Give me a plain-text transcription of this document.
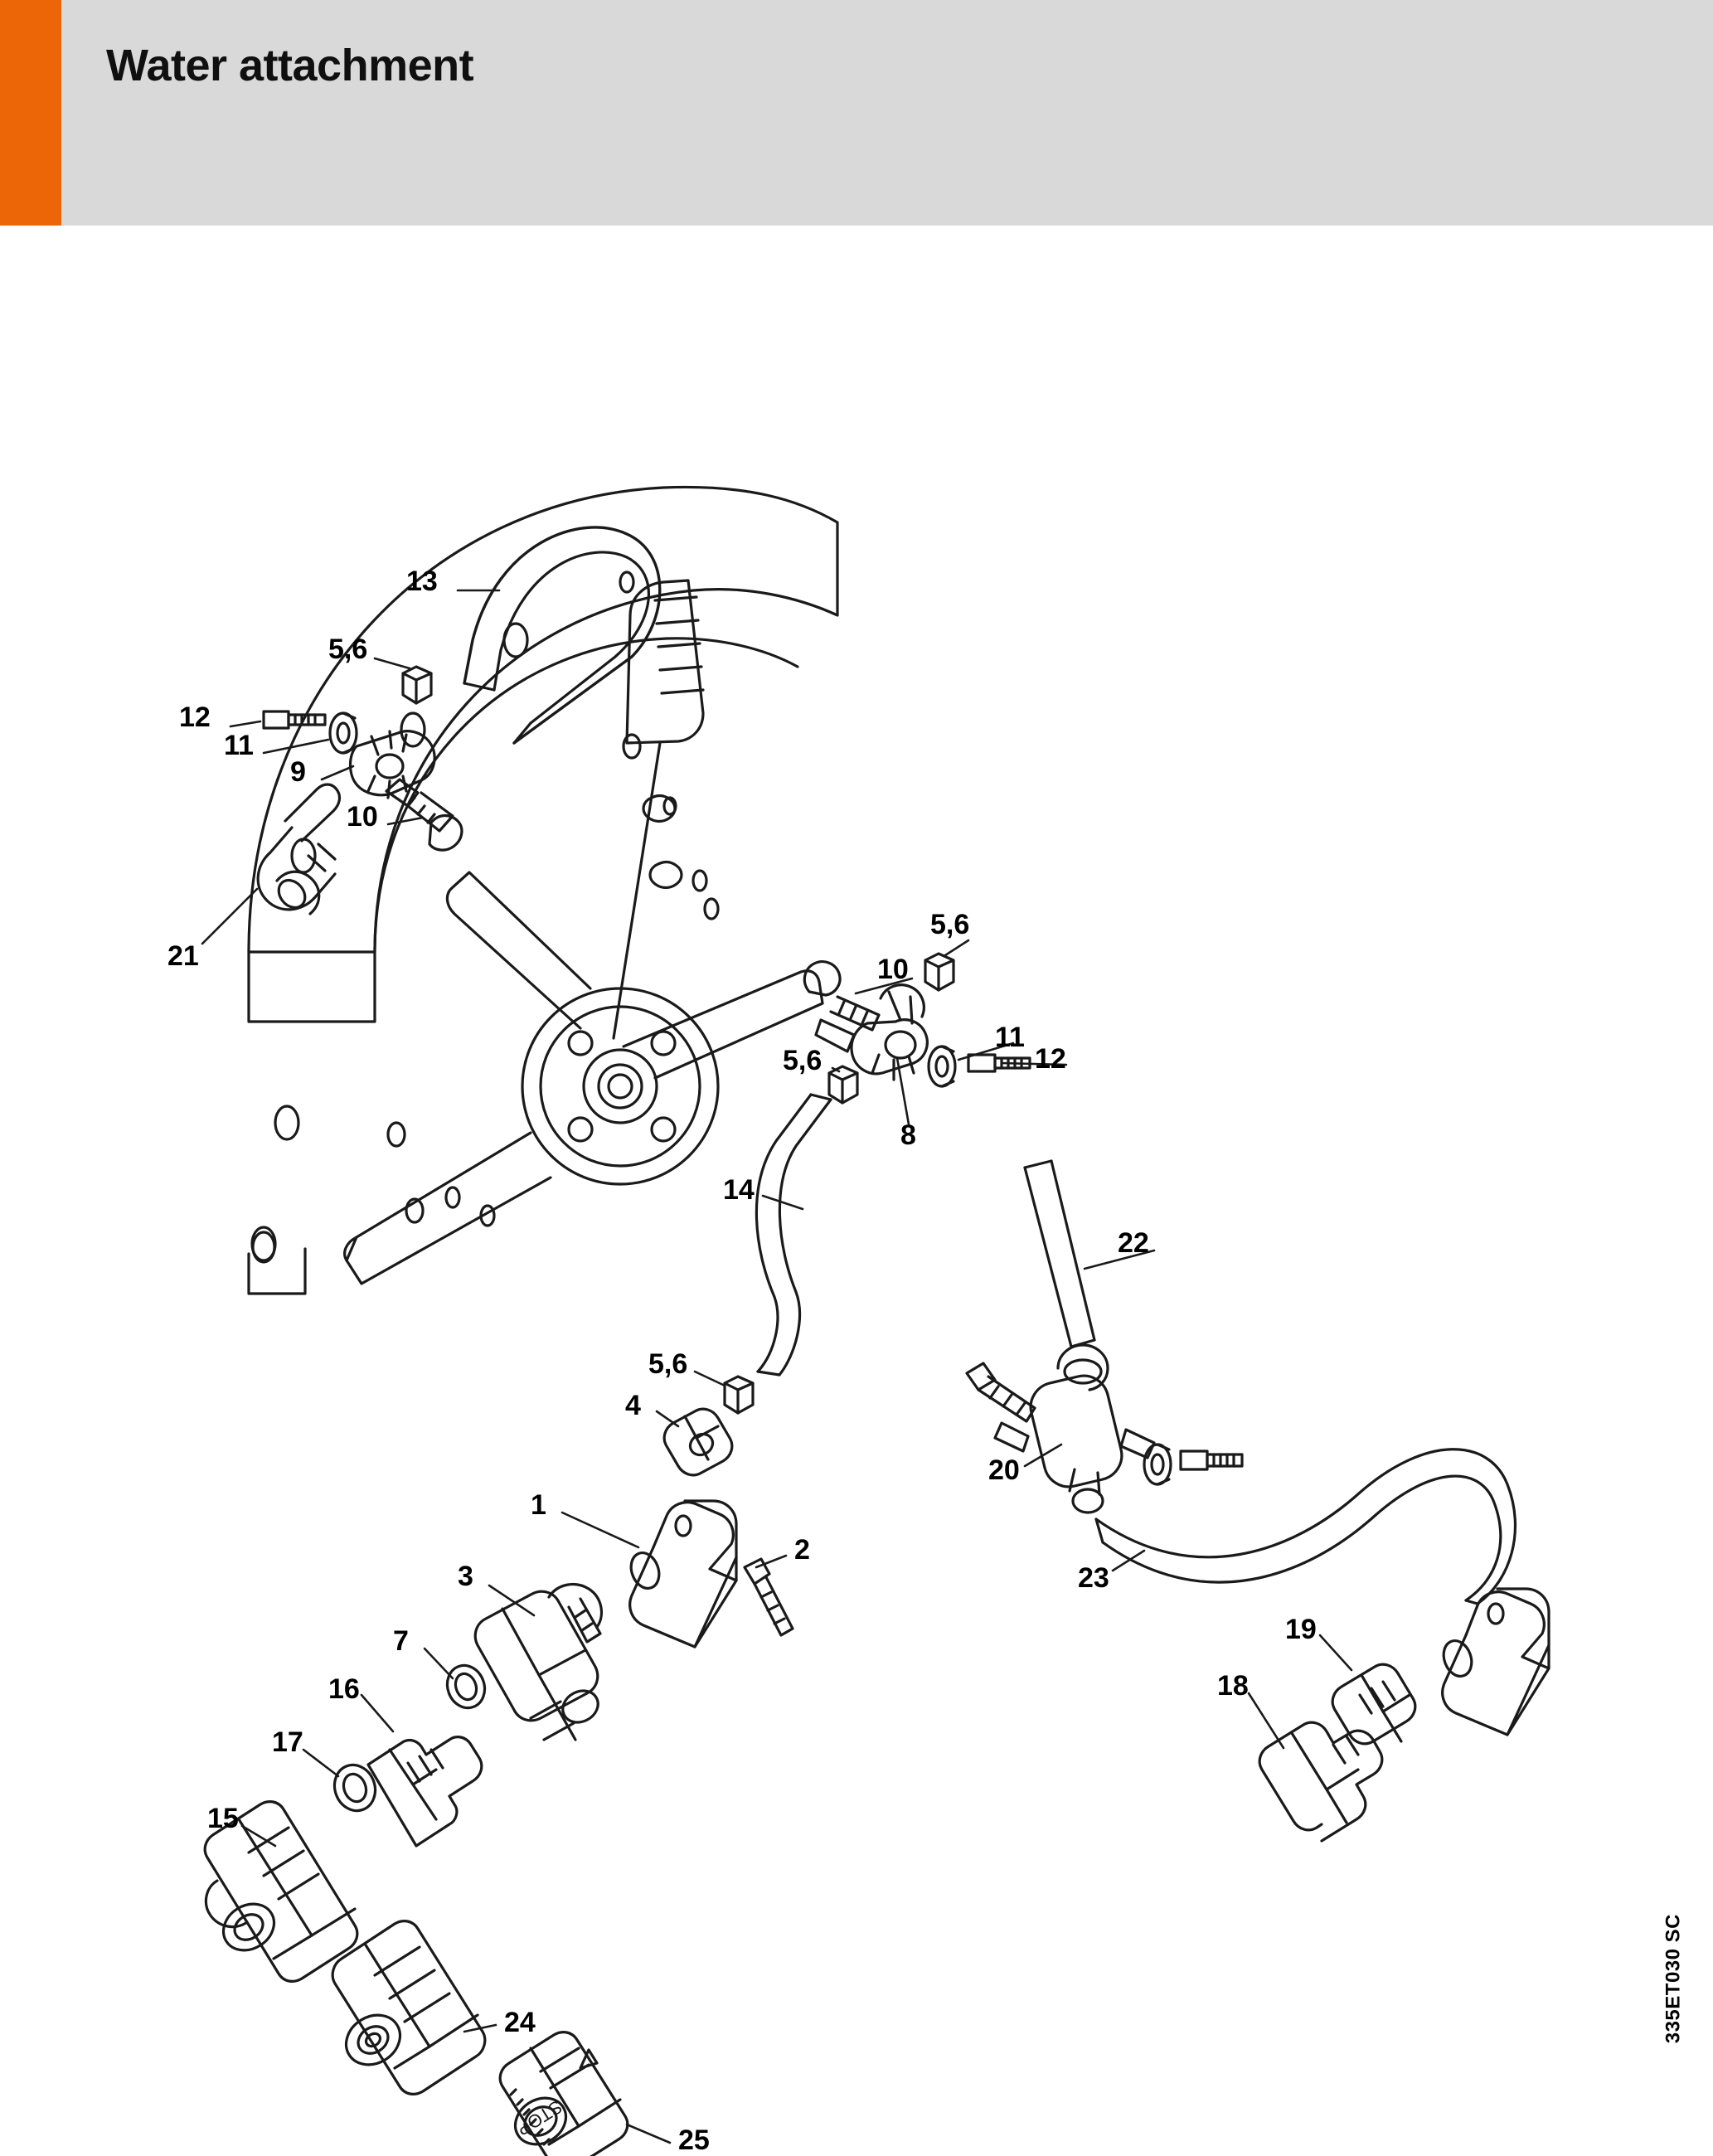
Water attachment
STOP
13
5,6
12
11
9
10
21	10
5,6
11
12
8
5,6
14
22
5,6
4
20
1
2
3	23
7	19
16	18
17
15
24
25
335ET030 SC
